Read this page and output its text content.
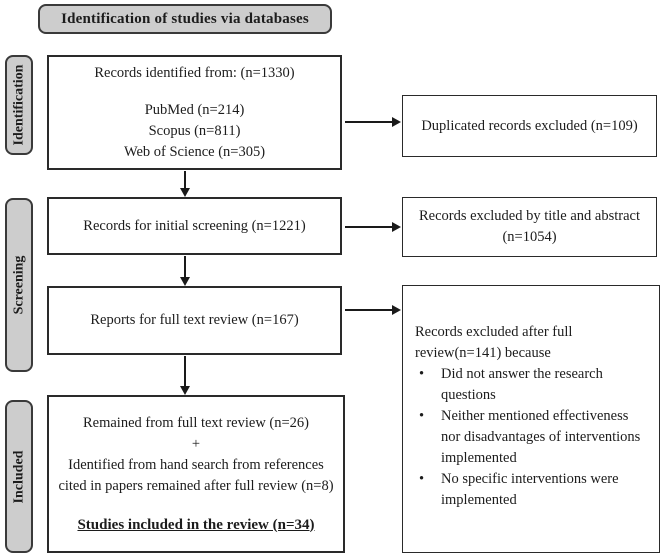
Identification of studies via databases
Identification
Screening
Included
Records identified from: (n=1330)
PubMed (n=214)
Scopus (n=811)
Web of Science (n=305)
Records for initial screening (n=1221)
Reports for full text review (n=167)
Remained from full text review (n=26)
+
Identified from hand search from references cited in papers remained after full review (n=8)
Studies included in the review (n=34)
Duplicated records excluded (n=109)
Records excluded by title and abstract
(n=1054)
Records excluded after full review(n=141) because
•	Did not answer the research questions
•	Neither mentioned effectiveness nor disadvantages of interventions implemented
•	No specific interventions were implemented
